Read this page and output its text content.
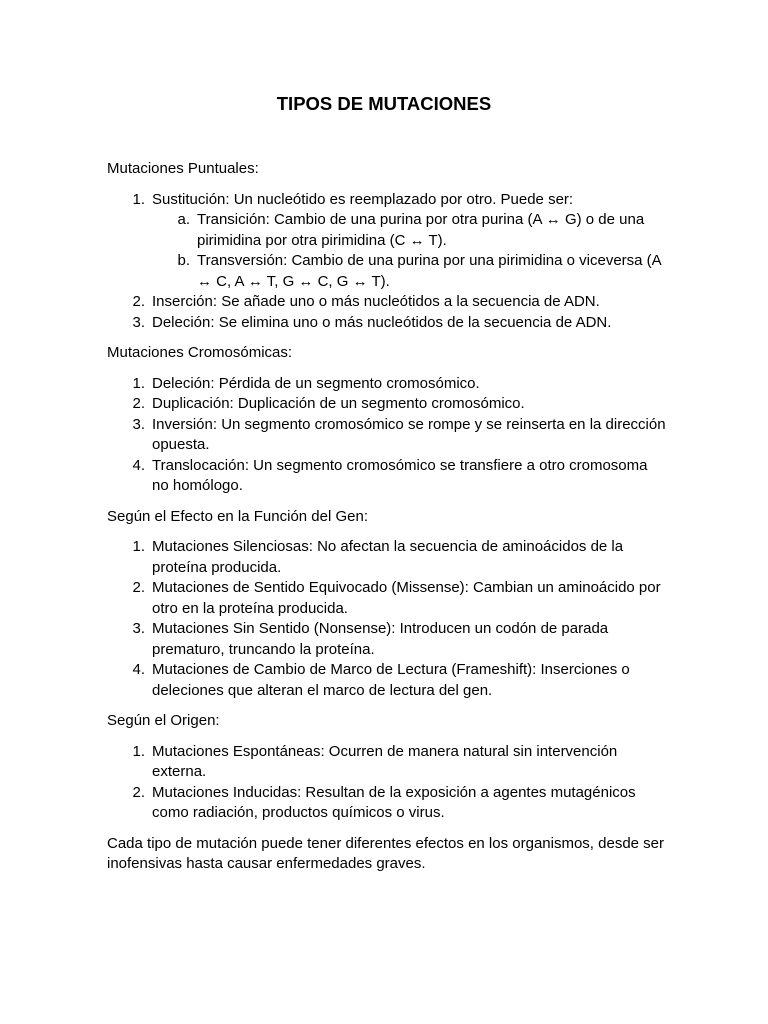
TIPOS DE MUTACIONES

Mutaciones Puntuales:

1. Sustitución: Un nucleótido es reemplazado por otro. Puede ser:
a. Transición: Cambio de una purina por otra purina (A ↔ G) o de una pirimidina por otra pirimidina (C ↔ T).
b. Transversión: Cambio de una purina por una pirimidina o viceversa (A ↔ C, A ↔ T, G ↔ C, G ↔ T).
2. Inserción: Se añade uno o más nucleótidos a la secuencia de ADN.
3. Deleción: Se elimina uno o más nucleótidos de la secuencia de ADN.

Mutaciones Cromosómicas:

1. Deleción: Pérdida de un segmento cromosómico.
2. Duplicación: Duplicación de un segmento cromosómico.
3. Inversión: Un segmento cromosómico se rompe y se reinserta en la dirección opuesta.
4. Translocación: Un segmento cromosómico se transfiere a otro cromosoma no homólogo.

Según el Efecto en la Función del Gen:

1. Mutaciones Silenciosas: No afectan la secuencia de aminoácidos de la proteína producida.
2. Mutaciones de Sentido Equivocado (Missense): Cambian un aminoácido por otro en la proteína producida.
3. Mutaciones Sin Sentido (Nonsense): Introducen un codón de parada prematuro, truncando la proteína.
4. Mutaciones de Cambio de Marco de Lectura (Frameshift): Inserciones o deleciones que alteran el marco de lectura del gen.

Según el Origen:

1. Mutaciones Espontáneas: Ocurren de manera natural sin intervención externa.
2. Mutaciones Inducidas: Resultan de la exposición a agentes mutagénicos como radiación, productos químicos o virus.

Cada tipo de mutación puede tener diferentes efectos en los organismos, desde ser inofensivas hasta causar enfermedades graves.
